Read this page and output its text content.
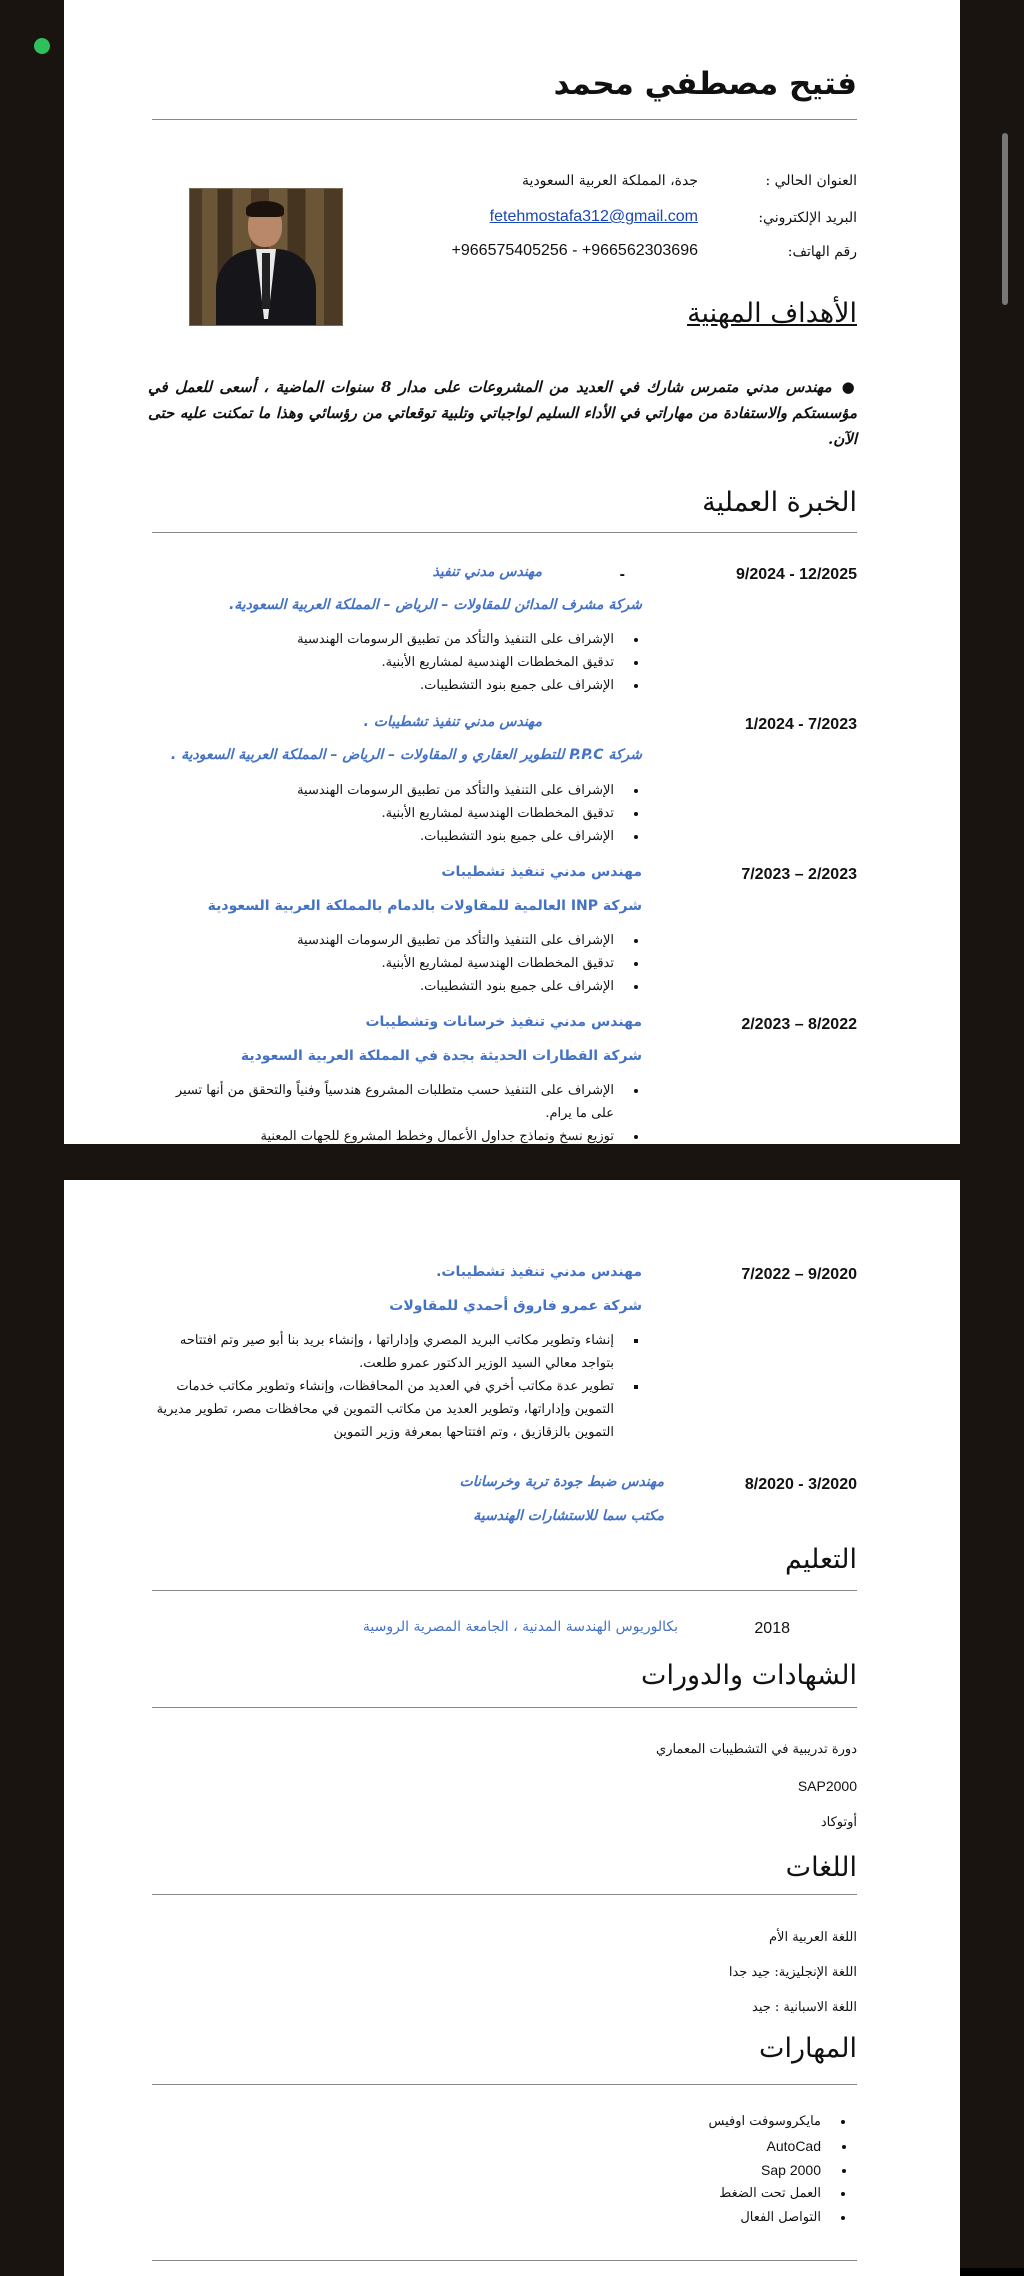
فتيح مصطفي محمد
العنوان الحالي :
جدة، المملكة العربية السعودية
البريد الإلكتروني:
fetehmostafa312@gmail.com
رقم الهاتف:
+966575405256 - +966562303696
الأهداف المهنية
●مهندس مدني متمرس شارك في العديد من المشروعات على مدار 8 سنوات الماضية ، أسعى للعمل في مؤسستكم والاستفادة من مهاراتي في الأداء السليم لواجباتي وتلبية توقعاتي من رؤسائي وهذا ما تمكنت عليه حتى الآن.
الخبرة العملية
9/2024 - 12/2025
-
مهندس مدني تنفيذ
شركة مشرف المدائن للمقاولات – الرياض – المملكة العربية السعودية.
• الإشراف على التنفيذ والتأكد من تطبيق الرسومات الهندسية
• تدقيق المخططات الهندسية لمشاريع الأبنية.
• الإشراف على جميع بنود التشطيبات.
1/2024 - 7/2023
مهندس مدني تنفيذ تشطيبات .
شركة P.P.C للتطوير العقاري و المقاولات – الرياض – المملكة العربية السعودية .
• الإشراف على التنفيذ والتأكد من تطبيق الرسومات الهندسية
• تدقيق المخططات الهندسية لمشاريع الأبنية.
• الإشراف على جميع بنود التشطيبات.
7/2023 – 2/2023
مهندس مدني تنفيذ تشطيبات
شركة INP العالمية للمقاولات بالدمام بالمملكة العربية السعودية
• الإشراف على التنفيذ والتأكد من تطبيق الرسومات الهندسية
• تدقيق المخططات الهندسية لمشاريع الأبنية.
• الإشراف على جميع بنود التشطيبات.
2/2023 – 8/2022
مهندس مدني تنفيذ خرسانات وتشطيبات
شركة القطارات الحديثة بجدة في المملكة العربية السعودية
• الإشراف على التنفيذ حسب متطلبات المشروع هندسياً وفنياً والتحقق من أنها تسير على ما يرام.
• توزيع نسخ ونماذج جداول الأعمال وخطط المشروع للجهات المعنية
7/2022 – 9/2020
مهندس مدني تنفيذ تشطيبات.
شركة عمرو فاروق أحمدي للمقاولات
▪ إنشاء وتطوير مكاتب البريد المصري وإداراتها ، وإنشاء بريد بنا أبو صير وتم افتتاحه بتواجد معالي السيد الوزير الدكتور عمرو طلعت.
▪ تطوير عدة مكاتب أخري في العديد من المحافظات، وإنشاء وتطوير مكاتب خدمات التموين وإداراتها، وتطوير العديد من مكاتب التموين في محافظات مصر، تطوير مديرية التموين بالزقازيق ، وتم افتتاحها بمعرفة وزير التموين
8/2020 - 3/2020
مهندس ضبط جودة تربة وخرسانات
مكتب سما للاستشارات الهندسية
التعليم
2018
بكالوريوس الهندسة المدنية ، الجامعة المصرية الروسية
الشهادات والدورات
دورة تدريبية في التشطيبات المعماري
SAP2000
أوتوكاد
اللغات
اللغة العربية الأم
اللغة الإنجليزية: جيد جدا
اللغة الاسبانية : جيد
المهارات
• مايكروسوفت اوفيس
• AutoCad
• Sap 2000
• العمل تحت الضغط
• التواصل الفعال
